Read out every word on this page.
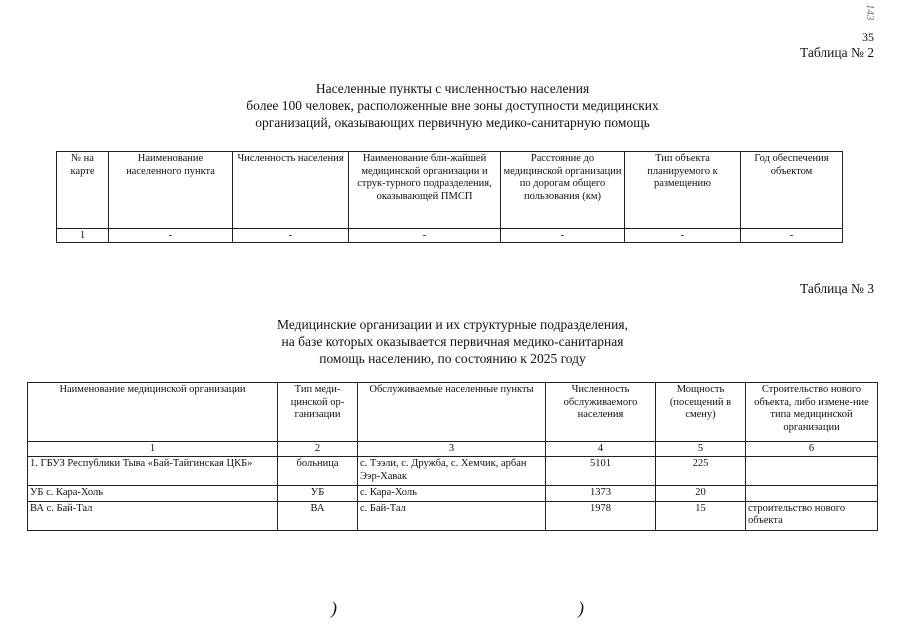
143
35
Таблица № 2
Населенные пункты с численностью населения
более 100 человек, расположенные вне зоны доступности медицинских
организаций, оказывающих первичную медико-санитарную помощь
№ на карте	Наименование населенного пункта	Численность населения	Наименование бли-жайшей медицинской организации и струк-турного подразделения, оказывающей ПМСП	Расстояние до медицинской организации по дорогам общего пользования (км)	Тип объекта планируемого к размещению	Год обеспечения объектом
1	-	-	-	-	-	-
Таблица № 3
Медицинские организации и их структурные подразделения,
на базе которых оказывается первичная медико-санитарная
помощь населению, по состоянию к 2025 году
Наименование медицинской организации	Тип меди-цинской ор-ганизации	Обслуживаемые населенные пункты	Численность обслуживаемого населения	Мощность (посещений в смену)	Строительство нового объекта, либо измене-ние типа медицинской организации
1	2	3	4	5	6
1. ГБУЗ Республики Тыва «Бай-Тайгинская ЦКБ»	больница	с. Тээли, с. Дружба, с. Хемчик, арбан Ээр-Хавак	5101	225	
УБ с. Кара-Холь	УБ	с. Кара-Холь	1373	20	
ВА с. Бай-Тал	ВА	с. Бай-Тал	1978	15	строительство нового объекта
)	)
